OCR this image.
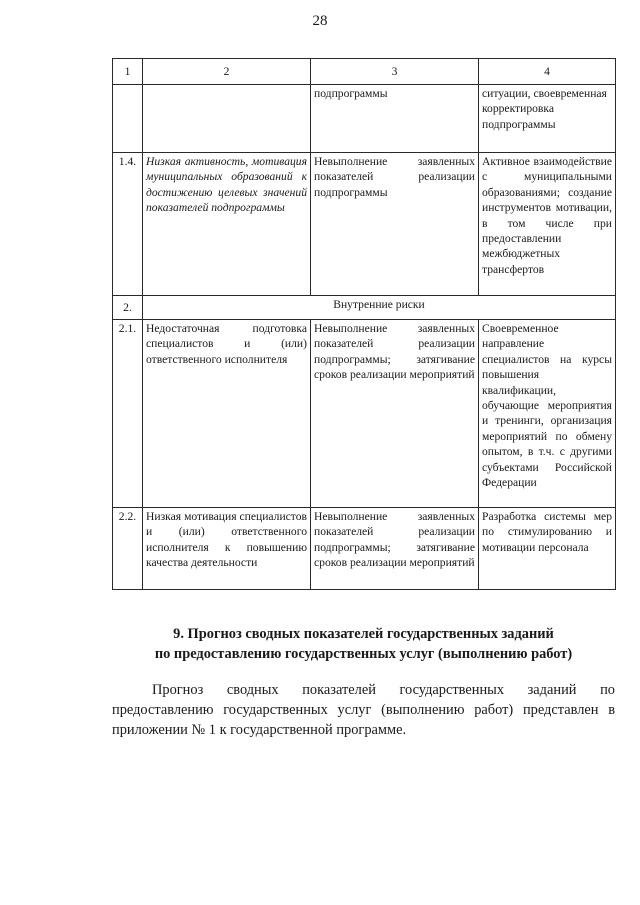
28
1	2	3	4
		подпрограммы	ситуации, своевременная корректировка подпрограммы
1.4.	Низкая активность, мотивация муниципальных образований к достижению целевых значений показателей подпрограммы	Невыполнение заявленных показателей реализации подпрограммы	Активное взаимодействие с муниципальными образованиями; создание инструментов мотивации, в том числе при предоставлении межбюджетных трансфертов
2.	Внутренние риски		
2.1.	Недостаточная подготовка специалистов и (или) ответственного исполнителя	Невыполнение заявленных показателей реализации подпрограммы; затягивание сроков реализации мероприятий	Своевременное направление специалистов на курсы повышения квалификации, обучающие мероприятия и тренинги, организация мероприятий по обмену опытом, в т.ч. с другими субъектами Российской Федерации
2.2.	Низкая мотивация специалистов и (или) ответственного исполнителя к повышению качества деятельности	Невыполнение заявленных показателей реализации подпрограммы; затягивание сроков реализации мероприятий	Разработка системы мер по стимулированию и мотивации персонала
9. Прогноз сводных показателей государственных заданий
по предоставлению государственных услуг (выполнению работ)
Прогноз сводных показателей государственных заданий по предоставлению государственных услуг (выполнению работ) представлен в приложении № 1 к государственной программе.
